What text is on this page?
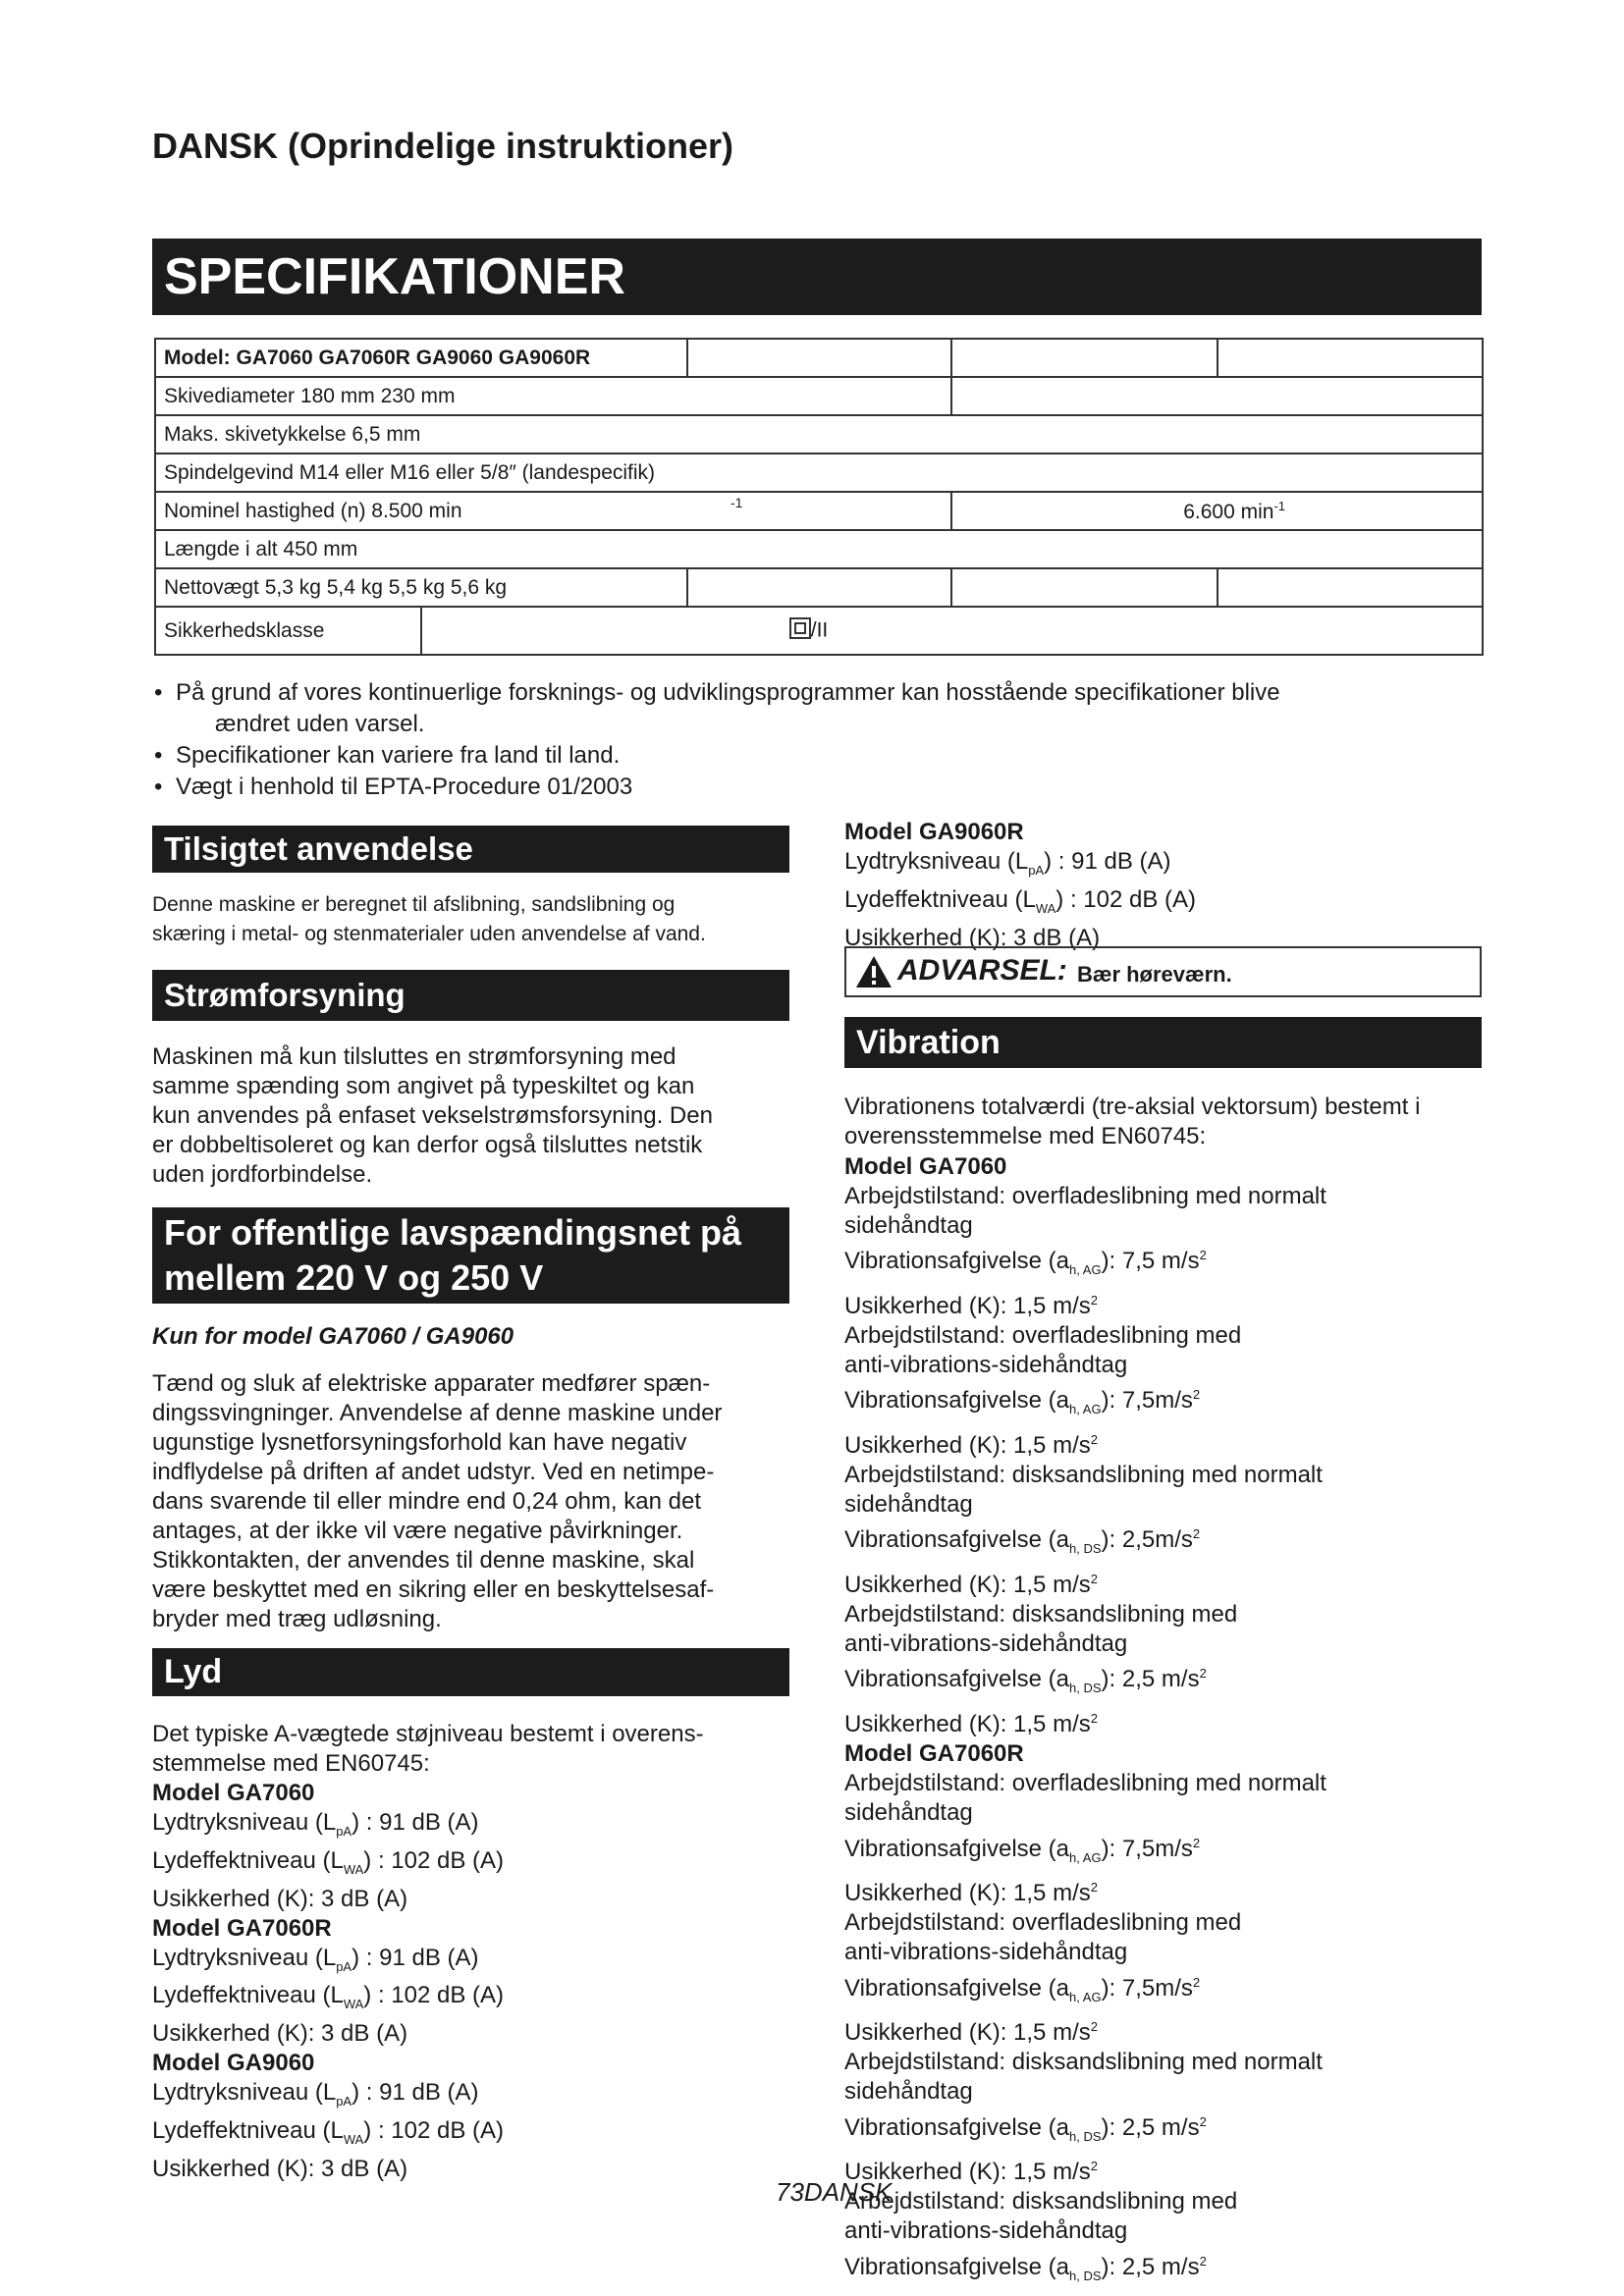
DANSK (Oprindelige instruktioner)
SPECIFIKATIONER
Model: GA7060 GA7060R GA9060 GA9060R				
Skivediameter 180 mm 230 mm				
Maks. skivetykkelse 6,5 mm				
Spindelgevind M14 eller M16 eller 5/8″ (landespecifik)				
Nominel hastighed (n) 8.500 min -1			6.600 $\min^{-1}$
Længde i alt 450 mm				
Nettovægt 5,3 kg 5,4 kg 5,5 kg 5,6 kg				
Sikkerhedsklasse	/II			
• På grund af vores kontinuerlige forsknings- og udviklingsprogrammer kan hosstående specifikationer blive
ændret uden varsel.
• Specifikationer kan variere fra land til land.
• Vægt i henhold til EPTA-Procedure 01/2003
Tilsigtet anvendelse
Denne maskine er beregnet til afslibning, sandslibning og
skæring i metal- og stenmaterialer uden anvendelse af vand.
Strømforsyning
Maskinen må kun tilsluttes en strømforsyning med
samme spænding som angivet på typeskiltet og kan
kun anvendes på enfaset vekselstrømsforsyning. Den
er dobbeltisoleret og kan derfor også tilsluttes netstik
uden jordforbindelse.
For offentlige lavspændingsnet på
mellem 220 V og 250 V
Kun for model GA7060 / GA9060
Tænd og sluk af elektriske apparater medfører spæn-
dingssvingninger. Anvendelse af denne maskine under
ugunstige lysnetforsyningsforhold kan have negativ
indflydelse på driften af andet udstyr. Ved en netimpe-
dans svarende til eller mindre end 0,24 ohm, kan det
antages, at der ikke vil være negative påvirkninger.
Stikkontakten, der anvendes til denne maskine, skal
være beskyttet med en sikring eller en beskyttelsesaf-
bryder med træg udløsning.
Lyd
Det typiske A-vægtede støjniveau bestemt i overens-
stemmelse med EN60745:
Model GA7060
Lydtryksniveau $(L_{pA})$ : 91 dB (A)
Lydeffektniveau $(L_{WA})$ : 102 dB (A)
Usikkerhed (K): 3 dB (A)
Model GA7060R
Lydtryksniveau $(L_{pA})$ : 91 dB (A)
Lydeffektniveau $(L_{WA})$ : 102 dB (A)
Usikkerhed (K): 3 dB (A)
Model GA9060
Lydtryksniveau $(L_{pA})$ : 91 dB (A)
Lydeffektniveau $(L_{WA})$ : 102 dB (A)
Usikkerhed (K): 3 dB (A)
Model GA9060R
Lydtryksniveau $(L_{pA})$ : 91 dB (A)
Lydeffektniveau $(L_{WA})$ : 102 dB (A)
Usikkerhed (K): 3 dB (A)
ADVARSEL: Bær høreværn.
Vibration
Vibrationens totalværdi (tre-aksial vektorsum) bestemt i
overensstemmelse med EN60745:
Model GA7060
Arbejdstilstand: overfladeslibning med normalt
sidehåndtag
Vibrationsafgivelse $(a_{h, AG})$: 7,5 $m/s^2$
Usikkerhed (K): 1,5 $m/s^2$
Arbejdstilstand: overfladeslibning med
anti-vibrations-sidehåndtag
Vibrationsafgivelse $(a_{h, AG})$: $7,5m/s^2$
Usikkerhed (K): 1,5 $m/s^2$
Arbejdstilstand: disksandslibning med normalt
sidehåndtag
Vibrationsafgivelse $(a_{h, DS})$: $2,5m/s^2$
Usikkerhed (K): 1,5 $m/s^2$
Arbejdstilstand: disksandslibning med
anti-vibrations-sidehåndtag
Vibrationsafgivelse $(a_{h, DS})$: 2,5 $m/s^2$
Usikkerhed (K): 1,5 $m/s^2$
Model GA7060R
Arbejdstilstand: overfladeslibning med normalt
sidehåndtag
Vibrationsafgivelse $(a_{h, AG})$: $7,5m/s^2$
Usikkerhed (K): 1,5 $m/s^2$
Arbejdstilstand: overfladeslibning med
anti-vibrations-sidehåndtag
Vibrationsafgivelse $(a_{h, AG})$: $7,5m/s^2$
Usikkerhed (K): 1,5 $m/s^2$
Arbejdstilstand: disksandslibning med normalt
sidehåndtag
Vibrationsafgivelse $(a_{h, DS})$: 2,5 $m/s^2$
Usikkerhed (K): 1,5 $m/s^2$
Arbejdstilstand: disksandslibning med
anti-vibrations-sidehåndtag
Vibrationsafgivelse $(a_{h, DS})$: 2,5 $m/s^2$
73DANSK
